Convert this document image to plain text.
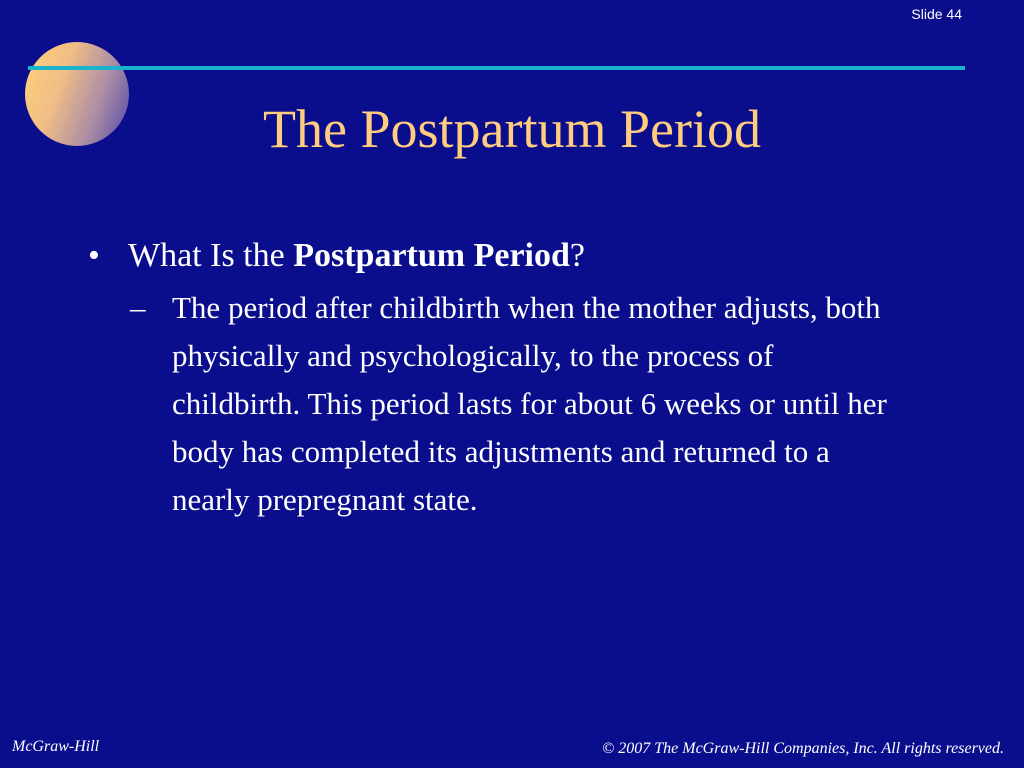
Slide 44
The Postpartum Period
• What Is the Postpartum Period?
– The period after childbirth when the mother adjusts, both physically and psychologically, to the process of childbirth. This period lasts for about 6 weeks or until her body has completed its adjustments and returned to a nearly prepregnant state.
McGraw-Hill	© 2007 The McGraw-Hill Companies, Inc. All rights reserved.
